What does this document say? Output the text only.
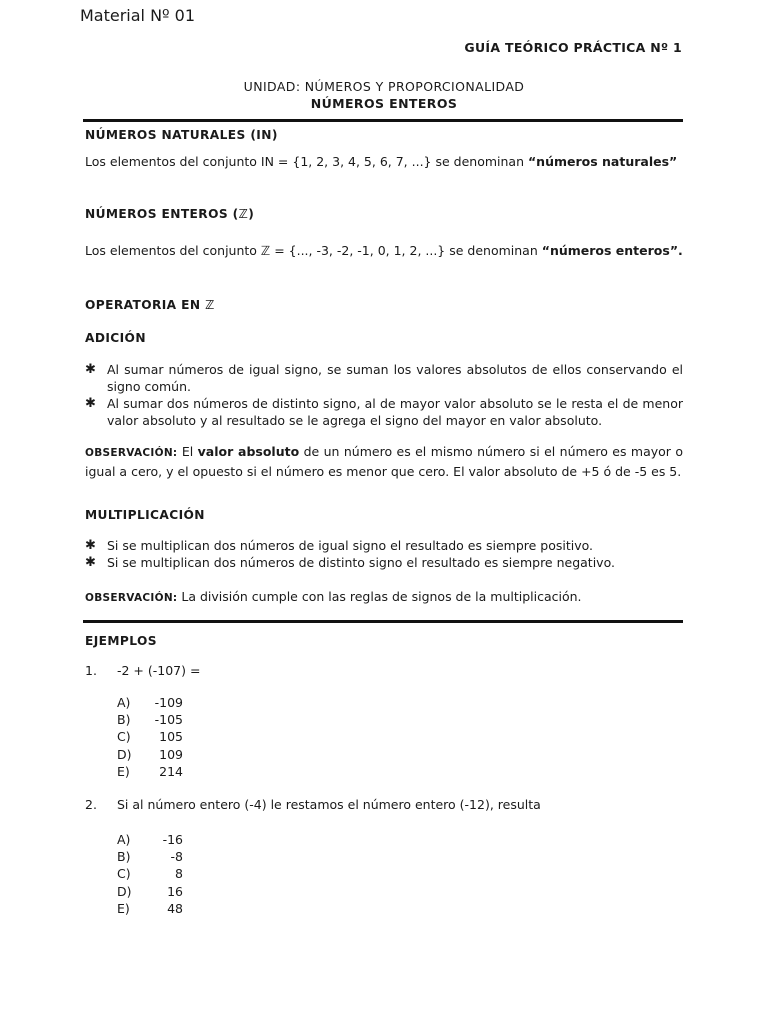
Material Nº 01
GUÍA TEÓRICO PRÁCTICA Nº 1
UNIDAD: NÚMEROS Y PROPORCIONALIDAD
NÚMEROS ENTEROS
NÚMEROS NATURALES (IN)
Los elementos del conjunto IN = {1, 2, 3, 4, 5, 6, 7, ...} se denominan “números naturales”
NÚMEROS ENTEROS (ℤ)
Los elementos del conjunto ℤ = {..., -3, -2, -1, 0, 1, 2, ...} se denominan “números enteros”.
OPERATORIA EN ℤ
ADICIÓN
✱ Al sumar números de igual signo, se suman los valores absolutos de ellos conservando el signo común.
✱ Al sumar dos números de distinto signo, al de mayor valor absoluto se le resta el de menor valor absoluto y al resultado se le agrega el signo del mayor en valor absoluto.
OBSERVACIÓN: El valor absoluto de un número es el mismo número si el número es mayor o igual a cero, y el opuesto si el número es menor que cero. El valor absoluto de +5 ó de -5 es 5.
MULTIPLICACIÓN
✱ Si se multiplican dos números de igual signo el resultado es siempre positivo.
✱ Si se multiplican dos números de distinto signo el resultado es siempre negativo.
OBSERVACIÓN: La división cumple con las reglas de signos de la multiplicación.
EJEMPLOS
1. -2 + (-107) =
A)	-109
B)	-105
C)	105
D)	109
E)	214
2. Si al número entero (-4) le restamos el número entero (-12), resulta
A)	-16
B)	-8
C)	8
D)	16
E)	48
